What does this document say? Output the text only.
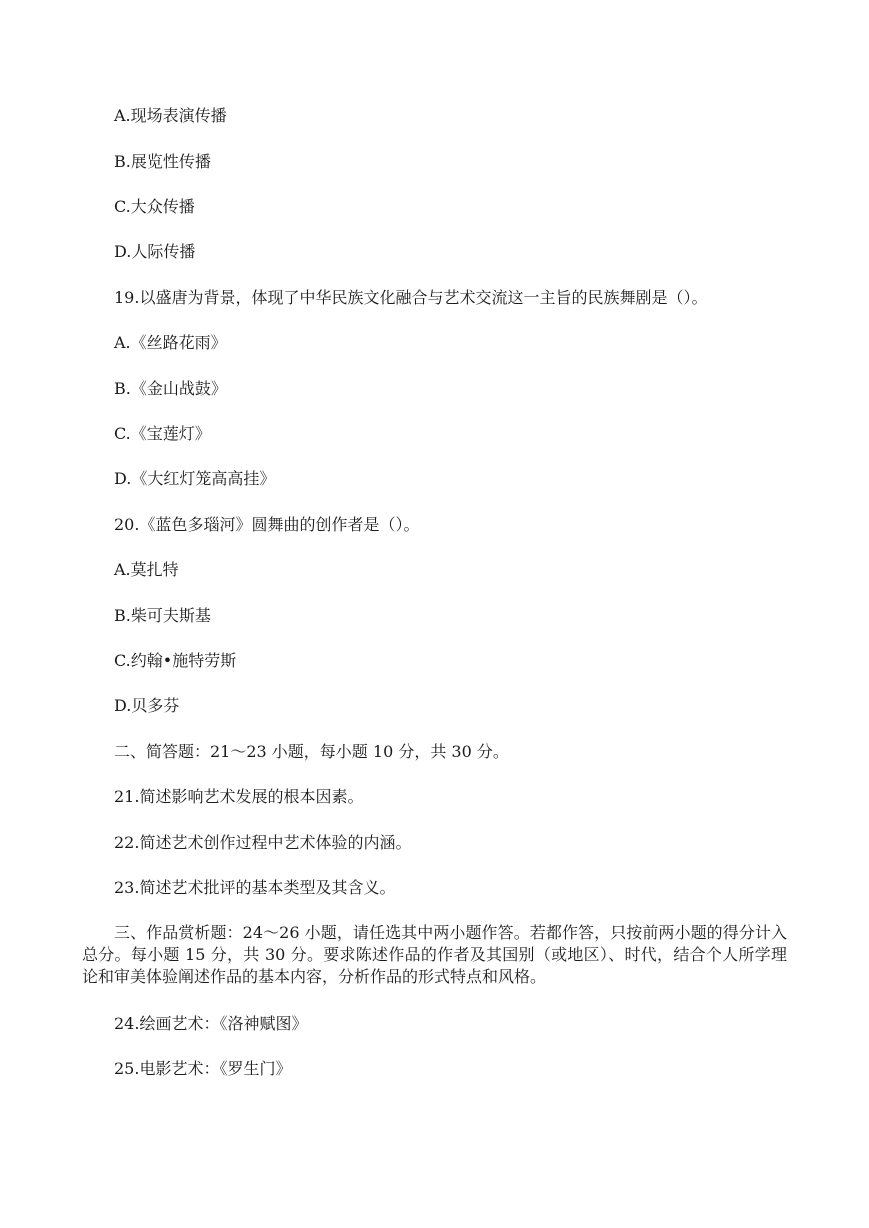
A.现场表演传播
B.展览性传播
C.大众传播
D.人际传播
19.以盛唐为背景，体现了中华民族文化融合与艺术交流这一主旨的民族舞剧是（）。
A.《丝路花雨》
B.《金山战鼓》
C.《宝莲灯》
D.《大红灯笼高高挂》
20.《蓝色多瑙河》圆舞曲的创作者是（）。
A.莫扎特
B.柴可夫斯基
C.约翰•施特劳斯
D.贝多芬
二、简答题：21～23 小题，每小题 10 分，共 30 分。
21.简述影响艺术发展的根本因素。
22.简述艺术创作过程中艺术体验的内涵。
23.简述艺术批评的基本类型及其含义。
三、作品赏析题：24～26 小题，请任选其中两小题作答。若都作答，只按前两小题的得分计入总分。每小题 15 分，共 30 分。要求陈述作品的作者及其国别（或地区）、时代，结合个人所学理论和审美体验阐述作品的基本内容，分析作品的形式特点和风格。
24.绘画艺术：《洛神赋图》
25.电影艺术：《罗生门》
